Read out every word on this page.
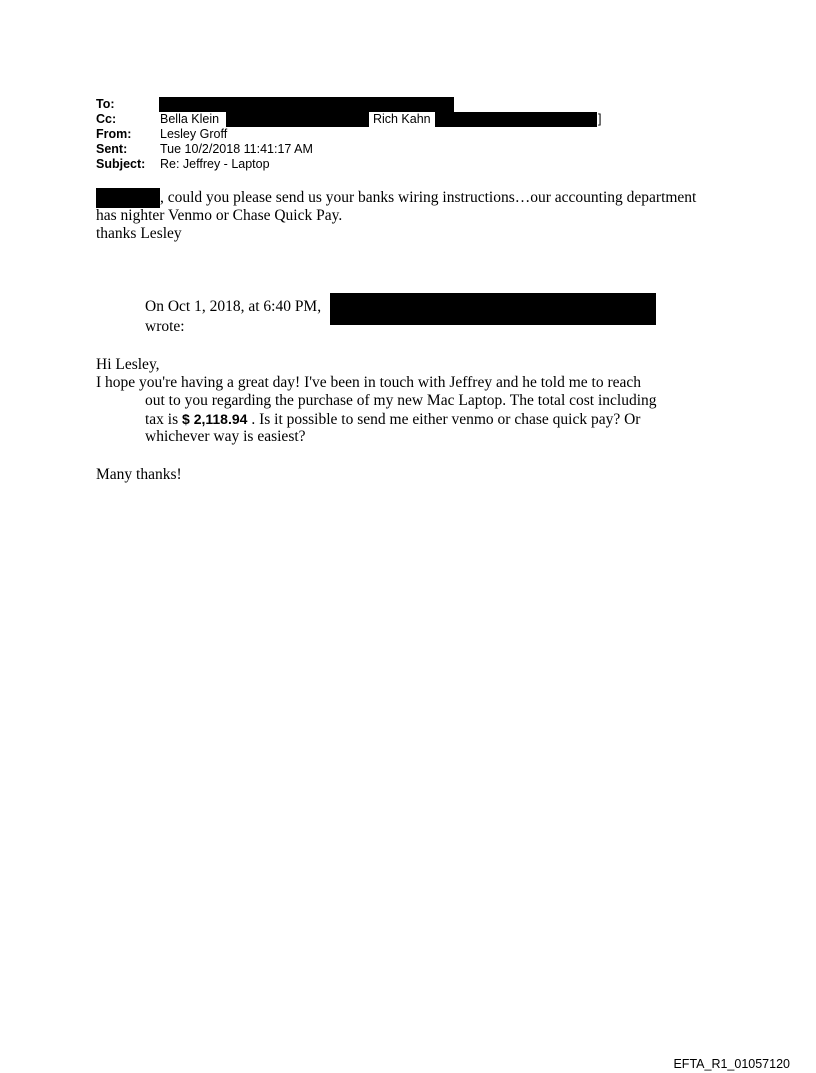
To:
Cc:	Bella Klein	; Rich Kahn	]
From: Lesley Groff
Sent:	Tue 10/2/2018 11:41:17 AM
Subject: Re: Jeffrey - Laptop
, could you please send us your banks wiring instructions…our accounting department
has nighter Venmo or Chase Quick Pay.
thanks Lesley
On Oct 1, 2018, at 6:40 PM,
wrote:
Hi Lesley,
I hope you're having a great day! I've been in touch with Jeffrey and he told me to reach
out to you regarding the purchase of my new Mac Laptop. The total cost including
tax is $ 2,118.94 . Is it possible to send me either venmo or chase quick pay? Or
whichever way is easiest?
Many thanks!
EFTA_R1_01057120
